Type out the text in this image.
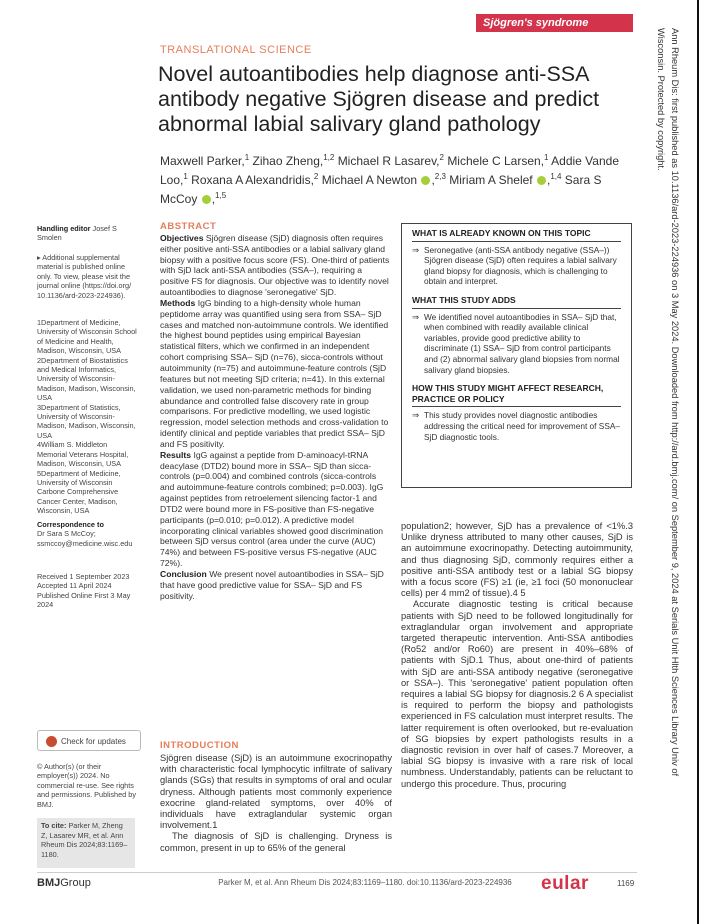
Sjögren's syndrome
TRANSLATIONAL SCIENCE
Novel autoantibodies help diagnose anti-SSA antibody negative Sjögren disease and predict abnormal labial salivary gland pathology
Maxwell Parker,$^1$ Zihao Zheng,$^{1,2}$ Michael R Lasarev,$^2$ Michele C Larsen,$^1$ Addie Vande Loo,$^1$ Roxana A Alexandridis,$^2$ Michael A Newton ,$^{2,3}$ Miriam A Shelef ,$^{1,4}$ Sara S McCoy ,$^{1,5}$
Handling editor Josef S Smolen
▸ Additional supplemental material is published online only. To view, please visit the journal online (https://doi.org/ 10.1136/ard-2023-224936).
1Department of Medicine, University of Wisconsin School of Medicine and Health, Madison, Wisconsin, USA
2Department of Biostatistics and Medical Informatics, University of Wisconsin-Madison, Madison, Wisconsin, USA
3Department of Statistics, University of Wisconsin-Madison, Madison, Wisconsin, USA
4William S. Middleton Memorial Veterans Hospital, Madison, Wisconsin, USA
5Department of Medicine, University of Wisconsin Carbone Comprehensive Cancer Center, Madison, Wisconsin, USA
Correspondence to
Dr Sara S McCoy; ssmccoy@medicine.wisc.edu
Received 1 September 2023 Accepted 11 April 2024 Published Online First 3 May 2024
Check for updates
© Author(s) (or their employer(s)) 2024. No commercial re-use. See rights and permissions. Published by BMJ.
To cite: Parker M, Zheng Z, Lasarev MR, et al. Ann Rheum Dis 2024;83:1169–1180.
ABSTRACT

Objectives Sjögren disease (SjD) diagnosis often requires either positive anti-SSA antibodies or a labial salivary gland biopsy with a positive focus score (FS). One-third of patients with SjD lack anti-SSA antibodies (SSA–), requiring a positive FS for diagnosis. Our objective was to identify novel autoantibodies to diagnose 'seronegative' SjD.

Methods IgG binding to a high-density whole human peptidome array was quantified using sera from SSA– SjD cases and matched non-autoimmune controls. We identified the highest bound peptides using empirical Bayesian statistical filters, which we confirmed in an independent cohort comprising SSA– SjD (n=76), sicca-controls without autoimmunity (n=75) and autoimmune-feature controls (SjD features but not meeting SjD criteria; n=41). In this external validation, we used non-parametric methods for binding abundance and controlled false discovery rate in group comparisons. For predictive modelling, we used logistic regression, model selection methods and cross-validation to identify clinical and peptide variables that predict SSA– SjD and FS positivity.

Results IgG against a peptide from D-aminoacyl-tRNA deacylase (DTD2) bound more in SSA– SjD than sicca-controls (p=0.004) and combined controls (sicca-controls and autoimmune-feature controls combined; p=0.003). IgG against peptides from retroelement silencing factor-1 and DTD2 were bound more in FS-positive than FS-negative participants (p=0.010; p=0.012). A predictive model incorporating clinical variables showed good discrimination between SjD versus control (area under the curve (AUC) 74%) and between FS-positive versus FS-negative (AUC 72%).

Conclusion We present novel autoantibodies in SSA– SjD that have good predictive value for SSA– SjD and FS positivity.

WHAT IS ALREADY KNOWN ON THIS TOPIC
⇒ Seronegative (anti-SSA antibody negative (SSA–)) Sjögren disease (SjD) often requires a labial salivary gland biopsy for diagnosis, which is challenging to obtain and interpret.
WHAT THIS STUDY ADDS
⇒ We identified novel autoantibodies in SSA– SjD that, when combined with readily available clinical variables, provide good predictive ability to discriminate (1) SSA– SjD from control participants and (2) abnormal salivary gland biopsies from normal salivary gland biopsies.
HOW THIS STUDY MIGHT AFFECT RESEARCH, PRACTICE OR POLICY
⇒ This study provides novel diagnostic antibodies addressing the critical need for improvement of SSA– SjD diagnostic tools.

population2; however, SjD has a prevalence of <1%.3 Unlike dryness attributed to many other causes, SjD is an autoimmune exocrinopathy. Detecting autoimmunity, and thus diagnosing SjD, commonly requires either a positive anti-SSA antibody test or a labial SG biopsy with a focus score (FS) ≥1 (ie, ≥1 foci (50 mononuclear cells) per 4 mm2 of tissue).4 5

Accurate diagnostic testing is critical because patients with SjD need to be followed longitudinally for extraglandular organ involvement and appropriate targeted therapeutic intervention. Anti-SSA antibodies (Ro52 and/or Ro60) are present in 40%–68% of patients with SjD.1 Thus, about one-third of patients with SjD are anti-SSA antibody negative (seronegative or SSA–). This 'seronegative' patient population often requires a labial SG biopsy for diagnosis.2 6 A specialist is required to perform the biopsy and pathologists experienced in FS calculation must interpret results. The latter requirement is often overlooked, but re-evaluation of SG biopsies by expert pathologists results in a diagnostic revision in over half of cases.7 Moreover, a labial SG biopsy is invasive with a rare risk of local numbness. Understandably, patients can be reluctant to undergo this procedure. Thus, procuring

INTRODUCTION
Sjögren disease (SjD) is an autoimmune exocrinopathy with characteristic focal lymphocytic infiltrate of salivary glands (SGs) that results in symptoms of oral and ocular dryness. Although patients most commonly experience exocrine gland-related symptoms, over 40% of individuals have extraglandular systemic organ involvement.1
The diagnosis of SjD is challenging. Dryness is common, present in up to 65% of the general
BMJGroup	Parker M, et al. Ann Rheum Dis 2024;83:1169–1180. doi:10.1136/ard-2023-224936	eular	1169
Ann Rheum Dis: first published as 10.1136/ard-2023-224936 on 3 May 2024. Downloaded from http://ard.bmj.com/ on September 9, 2024 at Serials Unit Hlth Sciences Library Univ of
Wisconsin. Protected by copyright.
